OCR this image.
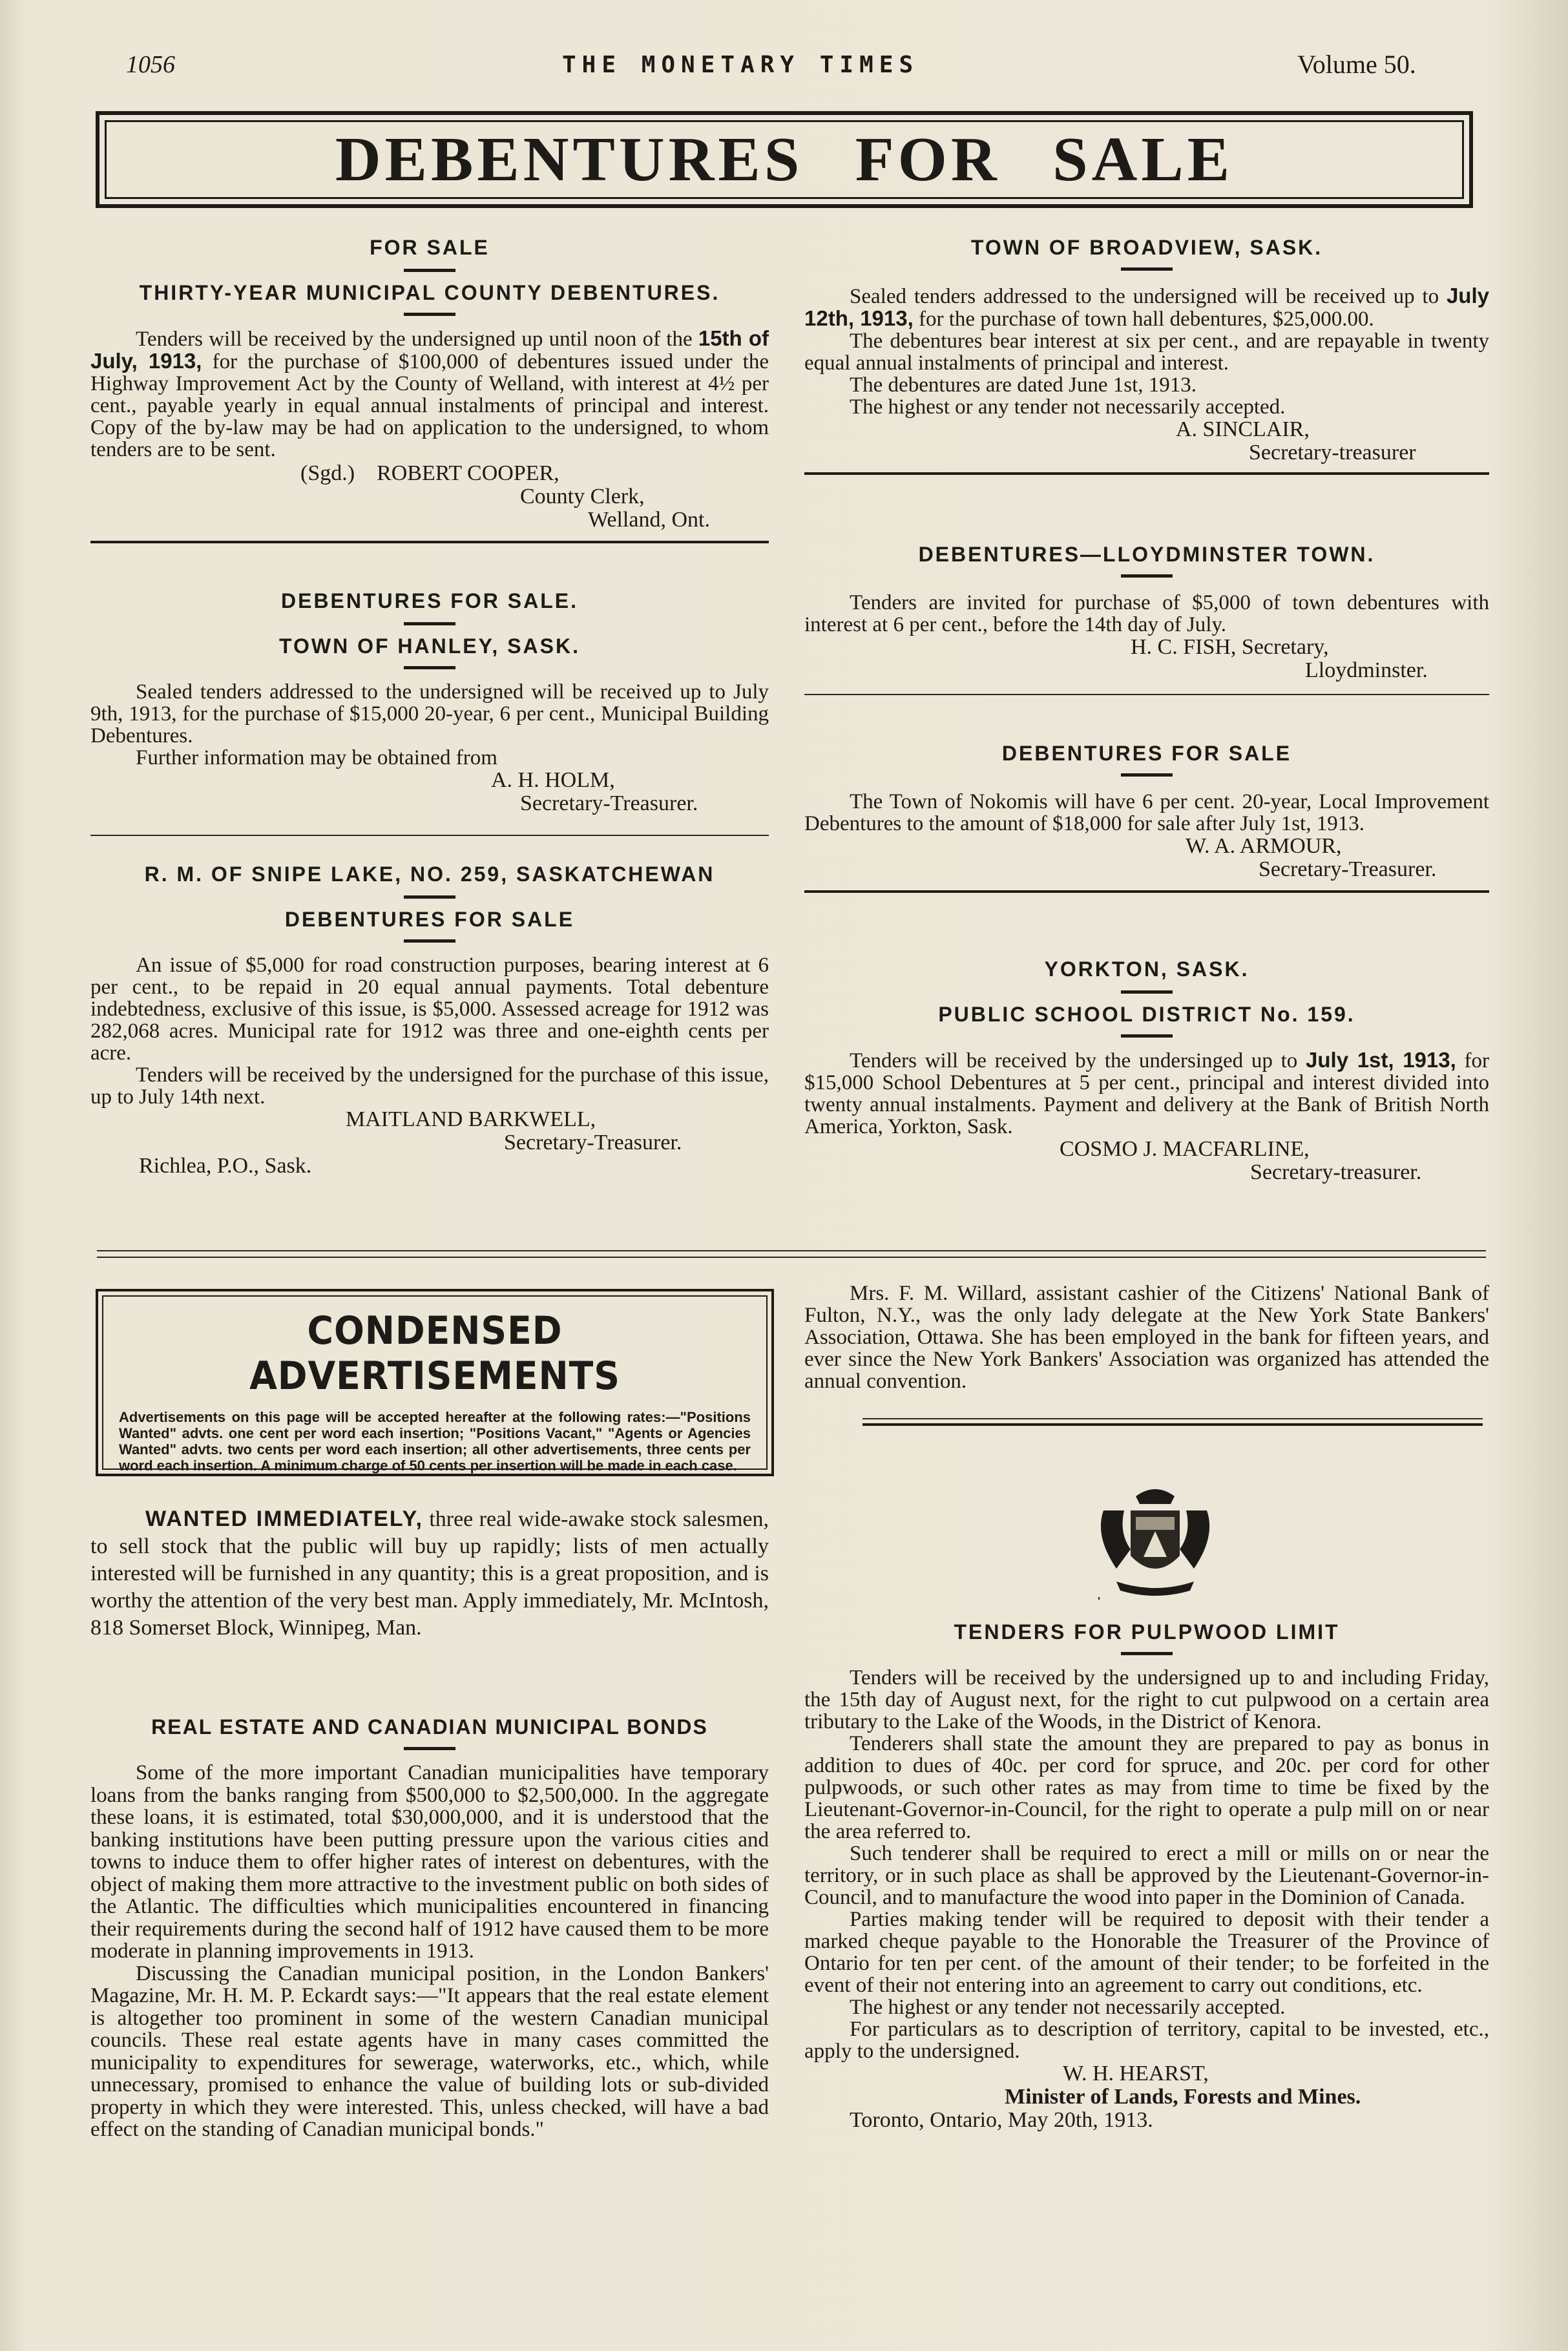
1056	THE MONETARY TIMES	Volume 50.
DEBENTURES FOR SALE
FOR SALE
THIRTY-YEAR MUNICIPAL COUNTY DEBENTURES.
Tenders will be received by the undersigned up until noon of the 15th of July, 1913, for the purchase of $100,000 of debentures issued under the Highway Improvement Act by the County of Welland, with interest at 4½ per cent., payable yearly in equal annual instalments of principal and interest. Copy of the by-law may be had on application to the undersigned, to whom tenders are to be sent.
(Sgd.) ROBERT COOPER,
County Clerk,
Welland, Ont.
DEBENTURES FOR SALE.
TOWN OF HANLEY, SASK.
Sealed tenders addressed to the undersigned will be received up to July 9th, 1913, for the purchase of $15,000 20-year, 6 per cent., Municipal Building Debentures.
Further information may be obtained from
A. H. HOLM,
Secretary-Treasurer.
R. M. OF SNIPE LAKE, NO. 259, SASKATCHEWAN
DEBENTURES FOR SALE
An issue of $5,000 for road construction purposes, bearing interest at 6 per cent., to be repaid in 20 equal annual payments. Total debenture indebtedness, exclusive of this issue, is $5,000. Assessed acreage for 1912 was 282,068 acres. Municipal rate for 1912 was three and one-eighth cents per acre.
Tenders will be received by the undersigned for the purchase of this issue, up to July 14th next.
MAITLAND BARKWELL,
Secretary-Treasurer.
Richlea, P.O., Sask.
TOWN OF BROADVIEW, SASK.
Sealed tenders addressed to the undersigned will be received up to July 12th, 1913, for the purchase of town hall debentures, $25,000.00.
The debentures bear interest at six per cent., and are repayable in twenty equal annual instalments of principal and interest.
The debentures are dated June 1st, 1913.
The highest or any tender not necessarily accepted.
A. SINCLAIR,
Secretary-treasurer
DEBENTURES—LLOYDMINSTER TOWN.
Tenders are invited for purchase of $5,000 of town debentures with interest at 6 per cent., before the 14th day of July.
H. C. FISH, Secretary,
Lloydminster.
DEBENTURES FOR SALE
The Town of Nokomis will have 6 per cent. 20-year, Local Improvement Debentures to the amount of $18,000 for sale after July 1st, 1913.
W. A. ARMOUR,
Secretary-Treasurer.
YORKTON, SASK.
PUBLIC SCHOOL DISTRICT No. 159.
Tenders will be received by the undersinged up to July 1st, 1913, for $15,000 School Debentures at 5 per cent., principal and interest divided into twenty annual instalments. Payment and delivery at the Bank of British North America, Yorkton, Sask.
COSMO J. MACFARLINE,
Secretary-treasurer.
CONDENSED ADVERTISEMENTS
Advertisements on this page will be accepted hereafter at the following rates:—"Positions Wanted" advts. one cent per word each insertion; "Positions Vacant," "Agents or Agencies Wanted" advts. two cents per word each insertion; all other advertisements, three cents per word each insertion. A minimum charge of 50 cents per insertion will be made in each case.
WANTED IMMEDIATELY, three real wide-awake stock salesmen, to sell stock that the public will buy up rapidly; lists of men actually interested will be furnished in any quantity; this is a great proposition, and is worthy the attention of the very best man. Apply immediately, Mr. McIntosh, 818 Somerset Block, Winnipeg, Man.
REAL ESTATE AND CANADIAN MUNICIPAL BONDS
Some of the more important Canadian municipalities have temporary loans from the banks ranging from $500,000 to $2,500,000. In the aggregate these loans, it is estimated, total $30,000,000, and it is understood that the banking institutions have been putting pressure upon the various cities and towns to induce them to offer higher rates of interest on debentures, with the object of making them more attractive to the investment public on both sides of the Atlantic. The difficulties which municipalities encountered in financing their requirements during the second half of 1912 have caused them to be more moderate in planning improvements in 1913.
Discussing the Canadian municipal position, in the London Bankers' Magazine, Mr. H. M. P. Eckardt says:—"It appears that the real estate element is altogether too prominent in some of the western Canadian municipal councils. These real estate agents have in many cases committed the municipality to expenditures for sewerage, waterworks, etc., which, while unnecessary, promised to enhance the value of building lots or sub-divided property in which they were interested. This, unless checked, will have a bad effect on the standing of Canadian municipal bonds."
Mrs. F. M. Willard, assistant cashier of the Citizens' National Bank of Fulton, N.Y., was the only lady delegate at the New York State Bankers' Association, Ottawa. She has been employed in the bank for fifteen years, and ever since the New York Bankers' Association was organized has attended the annual convention.
TENDERS FOR PULPWOOD LIMIT
Tenders will be received by the undersigned up to and including Friday, the 15th day of August next, for the right to cut pulpwood on a certain area tributary to the Lake of the Woods, in the District of Kenora.
Tenderers shall state the amount they are prepared to pay as bonus in addition to dues of 40c. per cord for spruce, and 20c. per cord for other pulpwoods, or such other rates as may from time to time be fixed by the Lieutenant-Governor-in-Council, for the right to operate a pulp mill on or near the area referred to.
Such tenderer shall be required to erect a mill or mills on or near the territory, or in such place as shall be approved by the Lieutenant-Governor-in-Council, and to manufacture the wood into paper in the Dominion of Canada.
Parties making tender will be required to deposit with their tender a marked cheque payable to the Honorable the Treasurer of the Province of Ontario for ten per cent. of the amount of their tender; to be forfeited in the event of their not entering into an agreement to carry out conditions, etc.
The highest or any tender not necessarily accepted.
For particulars as to description of territory, capital to be invested, etc., apply to the undersigned.
W. H. HEARST,
Minister of Lands, Forests and Mines.
Toronto, Ontario, May 20th, 1913.
